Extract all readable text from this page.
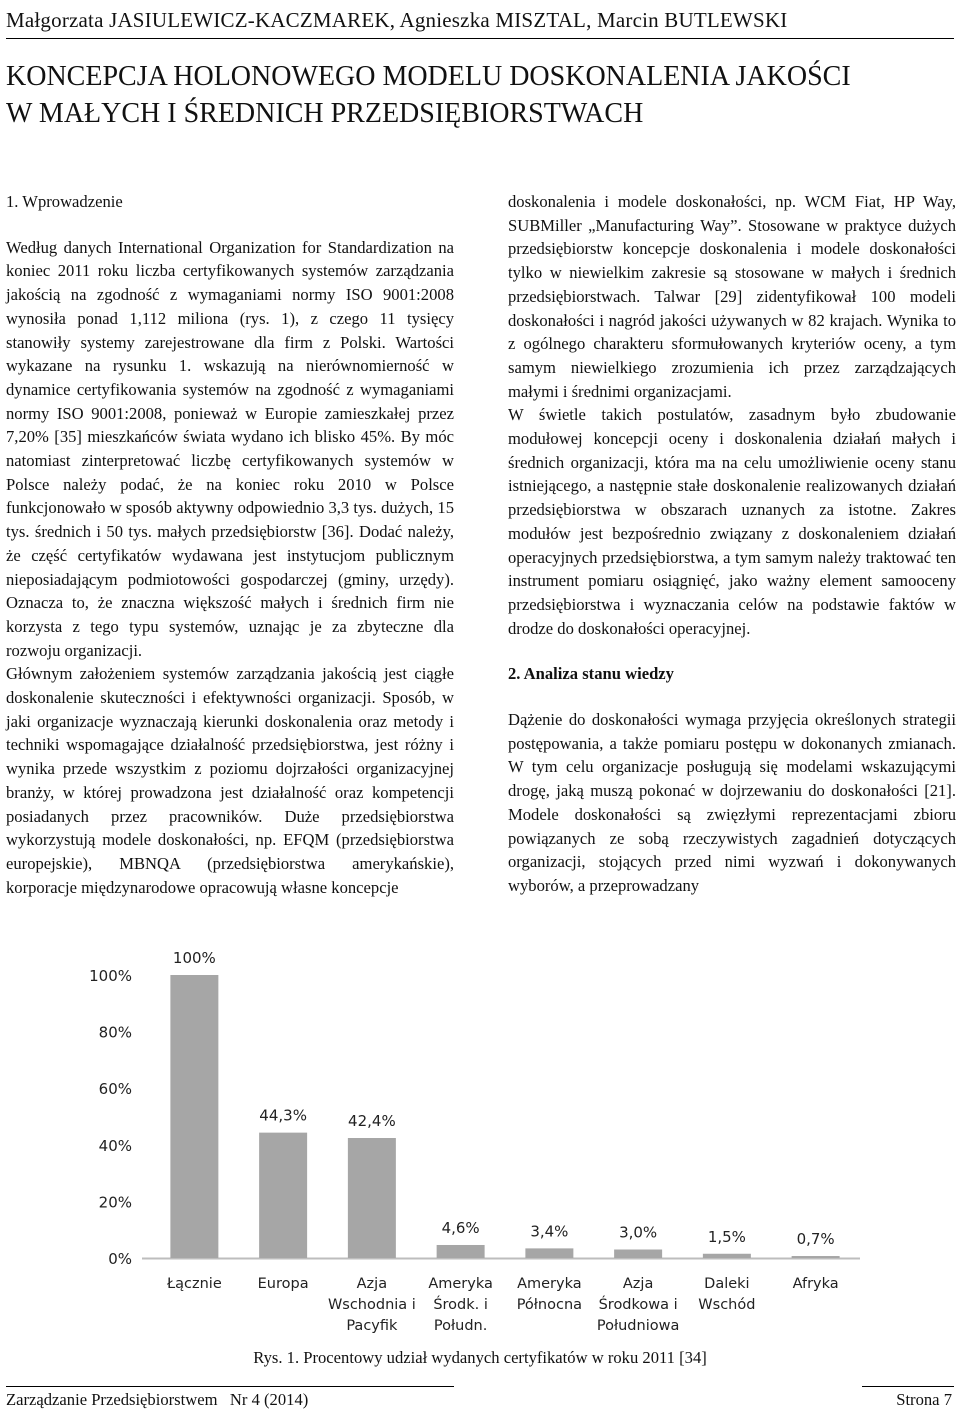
Małgorzata JASIULEWICZ-KACZMAREK, Agnieszka MISZTAL, Marcin BUTLEWSKI
KONCEPCJA HOLONOWEGO MODELU DOSKONALENIA JAKOŚCI
W MAŁYCH I ŚREDNICH PRZEDSIĘBIORSTWACH

1. Wprowadzenie

Według danych International Organization for Standardization na koniec 2011 roku liczba certyfikowanych systemów zarządzania jakością na zgodność z wymaganiami normy ISO 9001:2008 wynosiła ponad 1,112 miliona (rys. 1), z czego 11 tysięcy stanowiły systemy zarejestrowane dla firm z Polski. Wartości wykazane na rysunku 1. wskazują na nierównomierność w dynamice certyfikowania systemów na zgodność z wymaganiami normy ISO 9001:2008, ponieważ w Europie zamieszkałej przez 7,20% [35] mieszkańców świata wydano ich blisko 45%. By móc natomiast zinterpretować liczbę certyfikowanych systemów w Polsce należy podać, że na koniec roku 2010 w Polsce funkcjonowało w sposób aktywny odpowiednio 3,3 tys. dużych, 15 tys. średnich i 50 tys. małych przedsiębiorstw [36]. Dodać należy, że część certyfikatów wydawana jest instytucjom publicznym nieposiadającym podmiotowości gospodarczej (gminy, urzędy). Oznacza to, że znaczna większość małych i średnich firm nie korzysta z tego typu systemów, uznając je za zbyteczne dla rozwoju organizacji.

Głównym założeniem systemów zarządzania jakością jest ciągłe doskonalenie skuteczności i efektywności organizacji. Sposób, w jaki organizacje wyznaczają kierunki doskonalenia oraz metody i techniki wspomagające działalność przedsiębiorstwa, jest różny i wynika przede wszystkim z poziomu dojrzałości organizacyjnej branży, w której prowadzona jest działalność oraz kompetencji posiadanych przez pracowników. Duże przedsiębiorstwa wykorzystują modele doskonałości, np. EFQM (przedsiębiorstwa europejskie), MBNQA (przedsiębiorstwa amerykańskie), korporacje międzynarodowe opracowują własne koncepcje

doskonalenia i modele doskonałości, np. WCM Fiat, HP Way, SUBMiller „Manufacturing Way”. Stosowane w praktyce dużych przedsiębiorstw koncepcje doskonalenia i modele doskonałości tylko w niewielkim zakresie są stosowane w małych i średnich przedsiębiorstwach. Talwar [29] zidentyfikował 100 modeli doskonałości i nagród jakości używanych w 82 krajach. Wynika to z ogólnego charakteru sformułowanych kryteriów oceny, a tym samym niewielkiego zrozumienia ich przez zarządzających małymi i średnimi organizacjami.

W świetle takich postulatów, zasadnym było zbudowanie modułowej koncepcji oceny i doskonalenia działań małych i średnich organizacji, która ma na celu umożliwienie oceny stanu istniejącego, a następnie stałe doskonalenie realizowanych działań przedsiębiorstwa w obszarach uznanych za istotne. Zakres modułów jest bezpośrednio związany z doskonaleniem działań operacyjnych przedsiębiorstwa, a tym samym należy traktować ten instrument pomiaru osiągnięć, jako ważny element samooceny przedsiębiorstwa i wyznaczania celów na podstawie faktów w drodze do doskonałości operacyjnej.

2. Analiza stanu wiedzy

Dążenie do doskonałości wymaga przyjęcia określonych strategii postępowania, a także pomiaru postępu w dokonanych zmianach. W tym celu organizacje posługują się modelami wskazującymi drogę, jaką muszą pokonać w dojrzewaniu do doskonałości [21]. Modele doskonałości są zwięzłymi reprezentacjami zbioru powiązanych ze sobą rzeczywistych zagadnień dotyczących organizacji, stojących przed nimi wyzwań i dokonywanych wyborów, a przeprowadzany

0%
20%
40%
60%
80%
100%
100%
Łącznie
44,3%
Europa
42,4%
Azja
Wschodnia i
Pacyfik
4,6%
Ameryka
Środk. i
Połudn.
3,4%
Ameryka
Północna
3,0%
Azja
Środkowa i
Południowa
1,5%
Daleki
Wschód
0,7%
Afryka
Rys. 1. Procentowy udział wydanych certyfikatów w roku 2011 [34]
Zarządzanie Przedsiębiorstwem   Nr 4 (2014)	Strona 7
